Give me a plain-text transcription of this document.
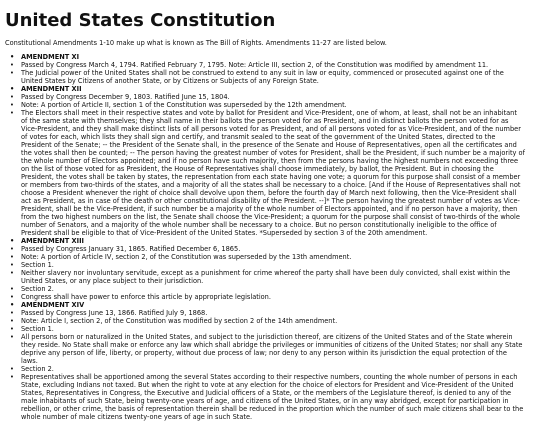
United States Constitution

Constitutional Amendments 1-10 make up what is known as The Bill of Rights. Amendments 11-27 are listed below.

• AMENDMENT XI
• Passed by Congress March 4, 1794. Ratified February 7, 1795. Note: Article III, section 2, of the Constitution was modified by amendment 11.
• The Judicial power of the United States shall not be construed to extend to any suit in law or equity, commenced or prosecuted against one of the United States by Citizens of another State, or by Citizens or Subjects of any Foreign State.
• AMENDMENT XII
• Passed by Congress December 9, 1803. Ratified June 15, 1804.
• Note: A portion of Article II, section 1 of the Constitution was superseded by the 12th amendment.
• The Electors shall meet in their respective states and vote by ballot for President and Vice-President, one of whom, at least, shall not be an inhabitant of the same state with themselves; they shall name in their ballots the person voted for as President, and in distinct ballots the person voted for as Vice-President, and they shall make distinct lists of all persons voted for as President, and of all persons voted for as Vice-President, and of the number of votes for each, which lists they shall sign and certify, and transmit sealed to the seat of the government of the United States, directed to the President of the Senate; -- the President of the Senate shall, in the presence of the Senate and House of Representatives, open all the certificates and the votes shall then be counted; -- The person having the greatest number of votes for President, shall be the President, if such number be a majority of the whole number of Electors appointed; and if no person have such majority, then from the persons having the highest numbers not exceeding three on the list of those voted for as President, the House of Representatives shall choose immediately, by ballot, the President. But in choosing the President, the votes shall be taken by states, the representation from each state having one vote; a quorum for this purpose shall consist of a member or members from two-thirds of the states, and a majority of all the states shall be necessary to a choice. [And if the House of Representatives shall not choose a President whenever the right of choice shall devolve upon them, before the fourth day of March next following, then the Vice-President shall act as President, as in case of the death or other constitutional disability of the President. --]* The person having the greatest number of votes as Vice-President, shall be the Vice-President, if such number be a majority of the whole number of Electors appointed, and if no person have a majority, then from the two highest numbers on the list, the Senate shall choose the Vice-President; a quorum for the purpose shall consist of two-thirds of the whole number of Senators, and a majority of the whole number shall be necessary to a choice. But no person constitutionally ineligible to the office of President shall be eligible to that of Vice-President of the United States. *Superseded by section 3 of the 20th amendment.
• AMENDMENT XIII
• Passed by Congress January 31, 1865. Ratified December 6, 1865.
• Note: A portion of Article IV, section 2, of the Constitution was superseded by the 13th amendment.
• Section 1.
• Neither slavery nor involuntary servitude, except as a punishment for crime whereof the party shall have been duly convicted, shall exist within the United States, or any place subject to their jurisdiction.
• Section 2.
• Congress shall have power to enforce this article by appropriate legislation.
• AMENDMENT XIV
• Passed by Congress June 13, 1866. Ratified July 9, 1868.
• Note: Article I, section 2, of the Constitution was modified by section 2 of the 14th amendment.
• Section 1.
• All persons born or naturalized in the United States, and subject to the jurisdiction thereof, are citizens of the United States and of the State wherein they reside. No State shall make or enforce any law which shall abridge the privileges or immunities of citizens of the United States; nor shall any State deprive any person of life, liberty, or property, without due process of law; nor deny to any person within its jurisdiction the equal protection of the laws.
• Section 2.
• Representatives shall be apportioned among the several States according to their respective numbers, counting the whole number of persons in each State, excluding Indians not taxed. But when the right to vote at any election for the choice of electors for President and Vice-President of the United States, Representatives in Congress, the Executive and Judicial officers of a State, or the members of the Legislature thereof, is denied to any of the male inhabitants of such State, being twenty-one years of age, and citizens of the United States, or in any way abridged, except for participation in rebellion, or other crime, the basis of representation therein shall be reduced in the proportion which the number of such male citizens shall bear to the whole number of male citizens twenty-one years of age in such State.
